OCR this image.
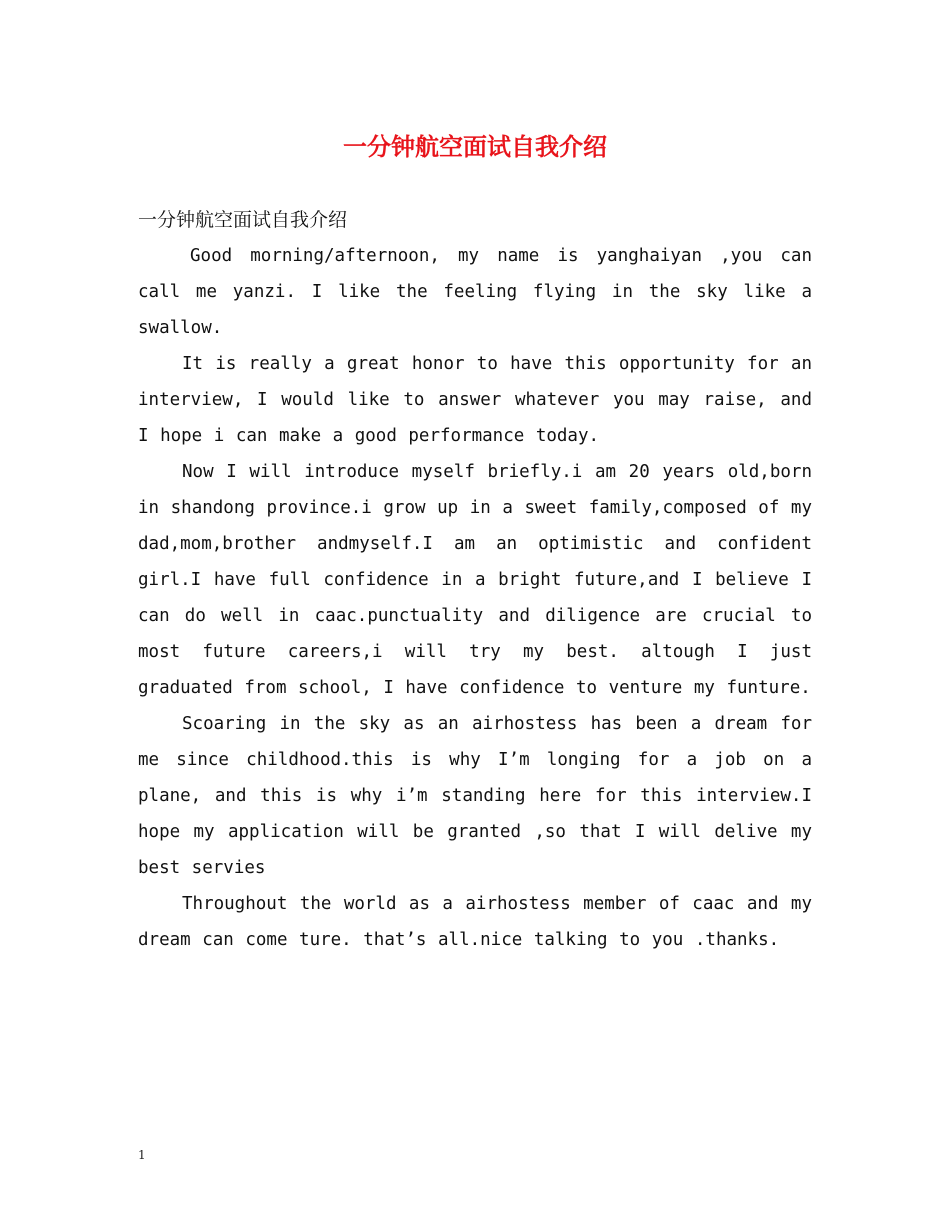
一分钟航空面试自我介绍

一分钟航空面试自我介绍

Good morning/afternoon, my name is yanghaiyan ,you can call me yanzi. I like the feeling flying in the sky like a swallow.

It is really a great honor to have this opportunity for an interview, I would like to answer whatever you may raise, and I hope i can make a good performance today.

Now I will introduce myself briefly.i am 20 years old,born in shandong province.i grow up in a sweet family,composed of my dad,mom,brother andmyself.I am an optimistic and confident girl.I have full confidence in a bright future,and I believe I can do well in caac.punctuality and diligence are crucial to most future careers,i will try my best. altough I just graduated from school, I have confidence to venture my funture.

Scoaring in the sky as an airhostess has been a dream for me since childhood.this is why I’m longing for a job on a plane, and this is why i’m standing here for this interview.I hope my application will be granted ,so that I will delive my best servies

Throughout the world as a airhostess member of caac and my dream can come ture. that’s all.nice talking to you .thanks.

1
